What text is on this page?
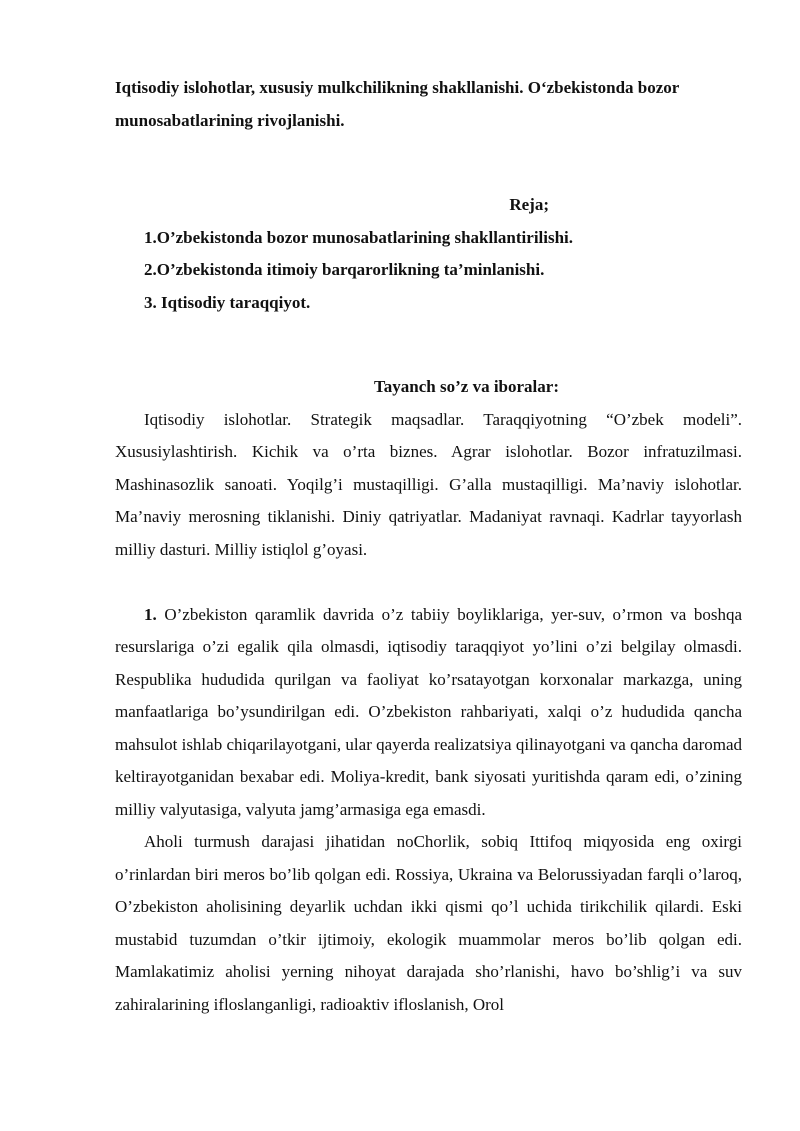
Iqtisodiy islohotlar, xususiy mulkchilikning shakllanishi. O‘zbekistonda bozor munosabatlarining rivojlanishi.

Reja;
1.O’zbekistonda bozor munosabatlarining shakllantirilishi.
2.O’zbekistonda itimoiy barqarorlikning ta’minlanishi.
3. Iqtisodiy taraqqiyot.
Tayanch so’z va iboralar:

Iqtisodiy islohotlar. Strategik maqsadlar. Taraqqiyotning “O’zbek modeli”. Xususiylashtirish. Kichik va o’rta biznes. Agrar islohotlar. Bozor infratuzilmasi. Mashinasozlik sanoati. Yoqilg’i mustaqilligi. G’alla mustaqilligi. Ma’naviy islohotlar. Ma’naviy merosning tiklanishi. Diniy qatriyatlar. Madaniyat ravnaqi. Kadrlar tayyorlash milliy dasturi. Milliy istiqlol g’oyasi.

1. O’zbekiston qaramlik davrida o’z tabiiy boyliklariga, yer-suv, o’rmon va boshqa resurslariga o’zi egalik qila olmasdi, iqtisodiy taraqqiyot yo’lini o’zi belgilay olmasdi. Respublika hududida qurilgan va faoliyat ko’rsatayotgan korxonalar markazga, uning manfaatlariga bo’ysundirilgan edi. O’zbekiston rahbariyati, xalqi o’z hududida qancha mahsulot ishlab chiqarilayotgani, ular qayerda realizatsiya qilinayotgani va qancha daromad keltirayotganidan bexabar edi. Moliya-kredit, bank siyosati yuritishda qaram edi, o’zining milliy valyutasiga, valyuta jamg’armasiga ega emasdi.

Aholi turmush darajasi jihatidan noChorlik, sobiq Ittifoq miqyosida eng oxirgi o’rinlardan biri meros bo’lib qolgan edi. Rossiya, Ukraina va Belorussiyadan farqli o’laroq, O’zbekiston aholisining deyarlik uchdan ikki qismi qo’l uchida tirikchilik qilardi. Eski mustabid tuzumdan o’tkir ijtimoiy, ekologik muammolar meros bo’lib qolgan edi. Mamlakatimiz aholisi yerning nihoyat darajada sho’rlanishi, havo bo’shlig’i va suv zahiralarining ifloslanganligi, radioaktiv ifloslanish, Orol
